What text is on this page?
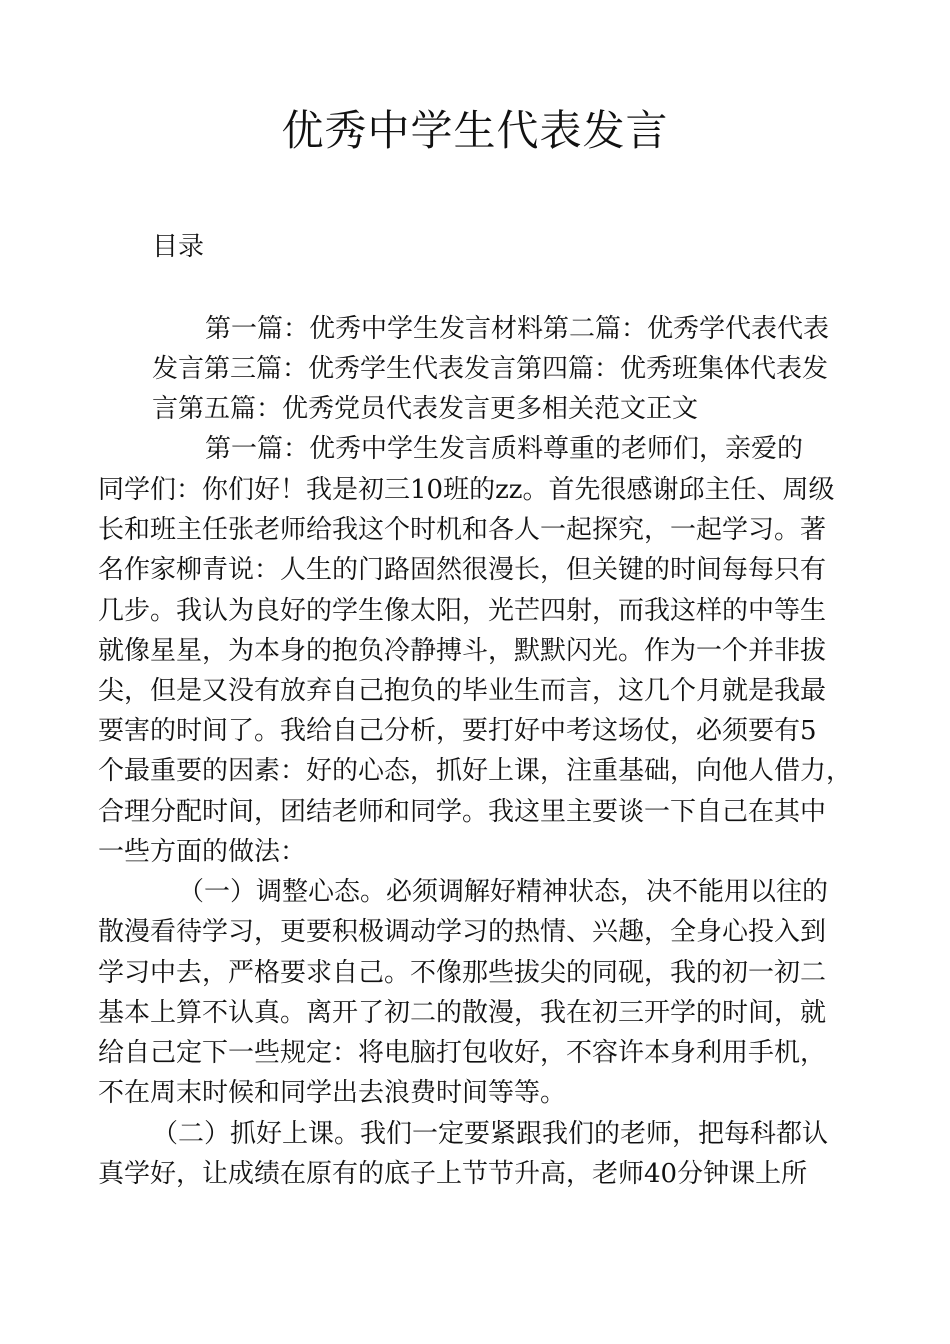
优秀中学生代表发言
目录
第一篇：优秀中学生发言材料第二篇：优秀学代表代表
发言第三篇：优秀学生代表发言第四篇：优秀班集体代表发
言第五篇：优秀党员代表发言更多相关范文正文
第一篇：优秀中学生发言质料尊重的老师们，亲爱的
同学们：你们好！我是初三10班的zz。首先很感谢邱主任、周级
长和班主任张老师给我这个时机和各人一起探究，一起学习。著
名作家柳青说：人生的门路固然很漫长，但关键的时间每每只有
几步。我认为良好的学生像太阳，光芒四射，而我这样的中等生
就像星星，为本身的抱负冷静搏斗，默默闪光。作为一个并非拔
尖，但是又没有放弃自己抱负的毕业生而言，这几个月就是我最
要害的时间了。我给自己分析，要打好中考这场仗，必须要有5
个最重要的因素：好的心态，抓好上课，注重基础，向他人借力，
合理分配时间，团结老师和同学。我这里主要谈一下自己在其中
一些方面的做法：
（一）调整心态。必须调解好精神状态，决不能用以往的
散漫看待学习，更要积极调动学习的热情、兴趣，全身心投入到
学习中去，严格要求自己。不像那些拔尖的同砚，我的初一初二
基本上算不认真。离开了初二的散漫，我在初三开学的时间，就
给自己定下一些规定：将电脑打包收好，不容许本身利用手机，
不在周末时候和同学出去浪费时间等等。
（二）抓好上课。我们一定要紧跟我们的老师，把每科都认
真学好，让成绩在原有的底子上节节升高，老师40分钟课上所
